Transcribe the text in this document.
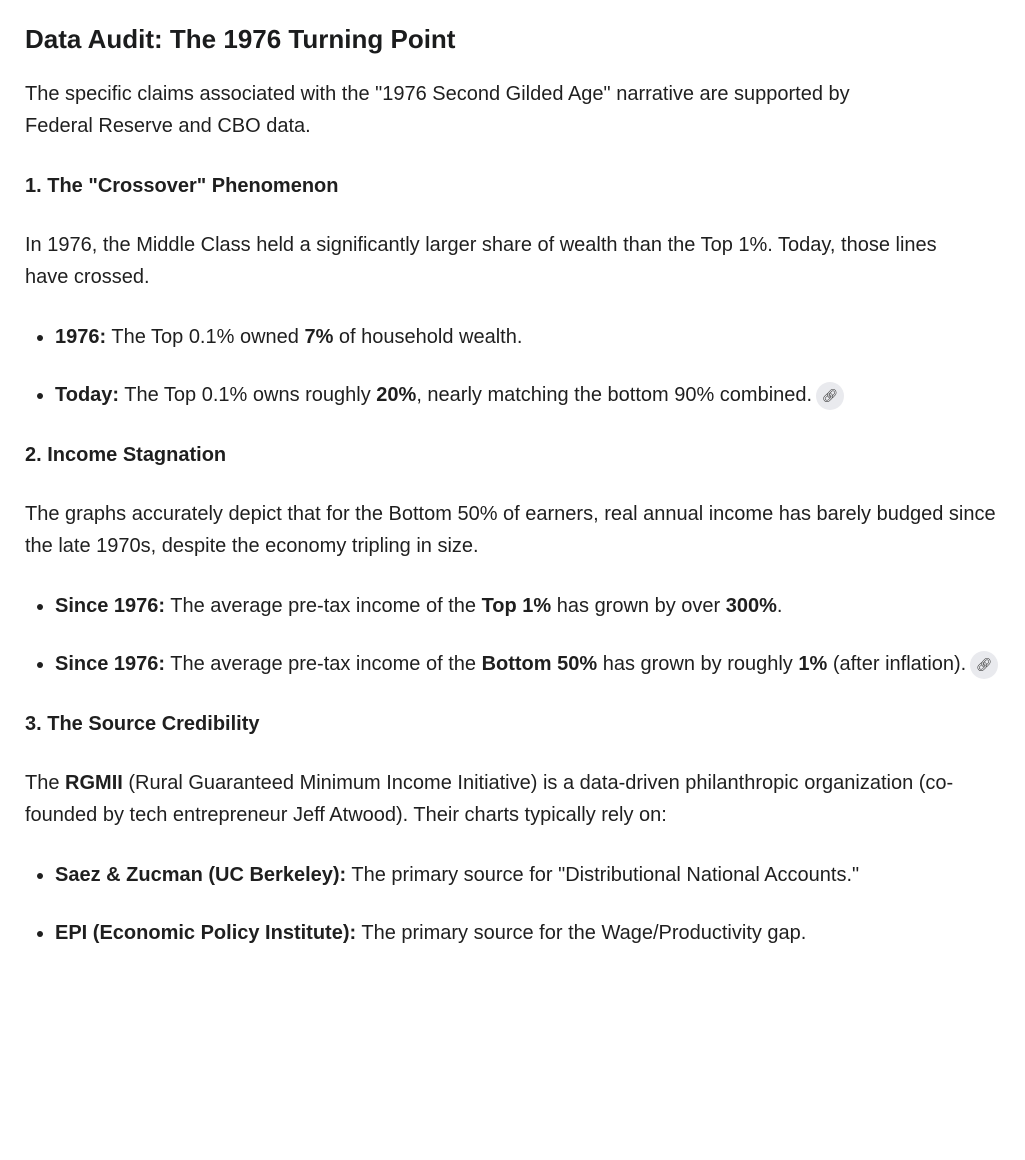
Data Audit: The 1976 Turning Point

The specific claims associated with the "1976 Second Gilded Age" narrative are supported by Federal Reserve and CBO data.

1. The "Crossover" Phenomenon

In 1976, the Middle Class held a significantly larger share of wealth than the Top 1%. Today, those lines have crossed.

• 1976: The Top 0.1% owned 7% of household wealth.
• Today: The Top 0.1% owns roughly 20%, nearly matching the bottom 90% combined. 🔗︎
2. Income Stagnation

The graphs accurately depict that for the Bottom 50% of earners, real annual income has barely budged since the late 1970s, despite the economy tripling in size.

• Since 1976: The average pre-tax income of the Top 1% has grown by over 300%.
• Since 1976: The average pre-tax income of the Bottom 50% has grown by roughly 1% (after inflation). 🔗︎
3. The Source Credibility

The RGMII (Rural Guaranteed Minimum Income Initiative) is a data-driven philanthropic organization (co-founded by tech entrepreneur Jeff Atwood). Their charts typically rely on:

• Saez & Zucman (UC Berkeley): The primary source for "Distributional National Accounts."
• EPI (Economic Policy Institute): The primary source for the Wage/Productivity gap.
